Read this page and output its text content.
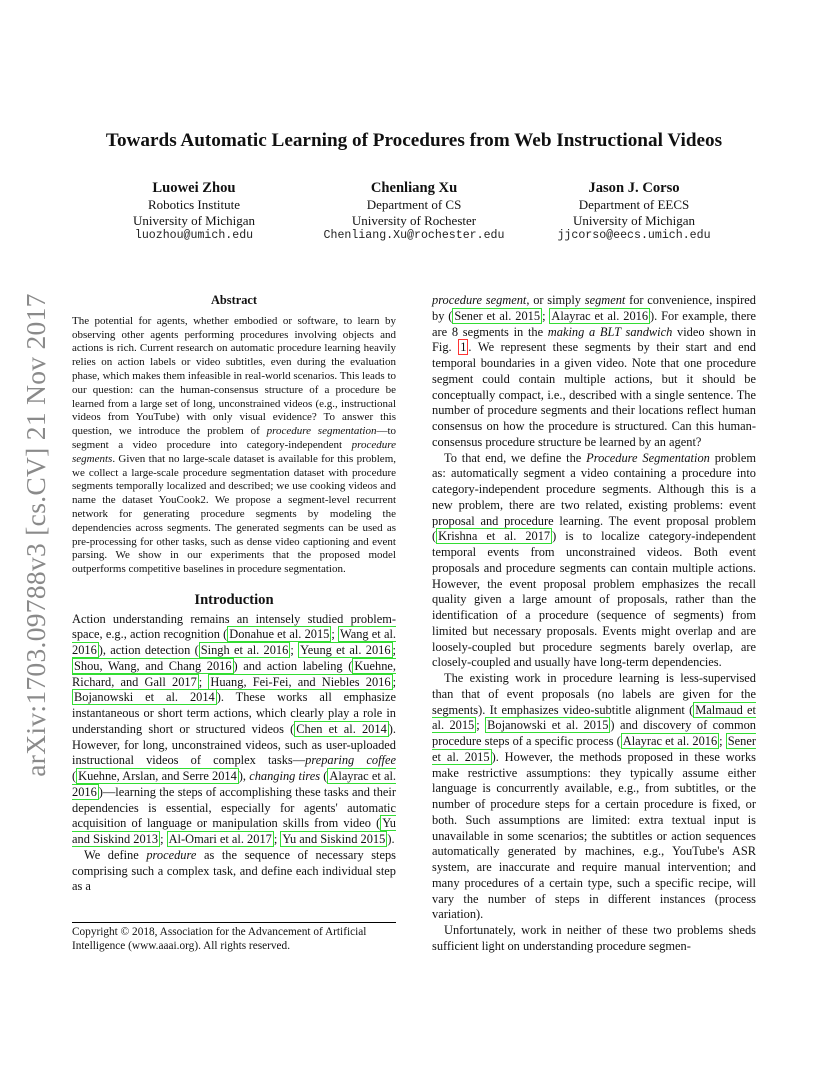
arXiv:1703.09788v3 [cs.CV] 21 Nov 2017
Towards Automatic Learning of Procedures from Web Instructional Videos
Luowei Zhou
Robotics Institute
University of Michigan
luozhou@umich.edu
Chenliang Xu
Department of CS
University of Rochester
Chenliang.Xu@rochester.edu
Jason J. Corso
Department of EECS
University of Michigan
jjcorso@eecs.umich.edu
Abstract

The potential for agents, whether embodied or software, to learn by observing other agents performing procedures involving objects and actions is rich. Current research on automatic procedure learning heavily relies on action labels or video subtitles, even during the evaluation phase, which makes them infeasible in real-world scenarios. This leads to our question: can the human-consensus structure of a procedure be learned from a large set of long, unconstrained videos (e.g., instructional videos from YouTube) with only visual evidence? To answer this question, we introduce the problem of procedure segmentation—to segment a video procedure into category-independent procedure segments. Given that no large-scale dataset is available for this problem, we collect a large-scale procedure segmentation dataset with procedure segments temporally localized and described; we use cooking videos and name the dataset YouCook2. We propose a segment-level recurrent network for generating procedure segments by modeling the dependencies across segments. The generated segments can be used as pre-processing for other tasks, such as dense video captioning and event parsing. We show in our experiments that the proposed model outperforms competitive baselines in procedure segmentation.

Introduction

Action understanding remains an intensely studied problem-space, e.g., action recognition ( Donahue et al. 2015 ; Wang et al. 2016 ), action detection ( Singh et al. 2016 ; Yeung et al. 2016 ; Shou, Wang, and Chang 2016 ) and action labeling ( Kuehne, Richard, and Gall 2017 ; Huang, Fei-Fei, and Niebles 2016 ; Bojanowski et al. 2014 ). These works all emphasize instantaneous or short term actions, which clearly play a role in understanding short or structured videos ( Chen et al. 2014 ). However, for long, unconstrained videos, such as user-uploaded instructional videos of complex tasks—preparing coffee ( Kuehne, Arslan, and Serre 2014 ), changing tires ( Alayrac et al. 2016 )—learning the steps of accomplishing these tasks and their dependencies is essential, especially for agents' automatic acquisition of language or manipulation skills from video ( Yu and Siskind 2013 ; Al-Omari et al. 2017 ; Yu and Siskind 2015 ).

We define procedure as the sequence of necessary steps comprising such a complex task, and define each individual step as a

procedure segment, or simply segment for convenience, inspired by ( Sener et al. 2015 ; Alayrac et al. 2016 ). For example, there are 8 segments in the making a BLT sandwich video shown in Fig. 1 . We represent these segments by their start and end temporal boundaries in a given video. Note that one procedure segment could contain multiple actions, but it should be conceptually compact, i.e., described with a single sentence. The number of procedure segments and their locations reflect human consensus on how the procedure is structured. Can this human-consensus procedure structure be learned by an agent?

To that end, we define the Procedure Segmentation problem as: automatically segment a video containing a procedure into category-independent procedure segments. Although this is a new problem, there are two related, existing problems: event proposal and procedure learning. The event proposal problem ( Krishna et al. 2017 ) is to localize category-independent temporal events from unconstrained videos. Both event proposals and procedure segments can contain multiple actions. However, the event proposal problem emphasizes the recall quality given a large amount of proposals, rather than the identification of a procedure (sequence of segments) from limited but necessary proposals. Events might overlap and are loosely-coupled but procedure segments barely overlap, are closely-coupled and usually have long-term dependencies.

The existing work in procedure learning is less-supervised than that of event proposals (no labels are given for the segments). It emphasizes video-subtitle alignment ( Malmaud et al. 2015 ; Bojanowski et al. 2015 ) and discovery of common procedure steps of a specific process ( Alayrac et al. 2016 ; Sener et al. 2015 ). However, the methods proposed in these works make restrictive assumptions: they typically assume either language is concurrently available, e.g., from subtitles, or the number of procedure steps for a certain procedure is fixed, or both. Such assumptions are limited: extra textual input is unavailable in some scenarios; the subtitles or action sequences automatically generated by machines, e.g., YouTube's ASR system, are inaccurate and require manual intervention; and many procedures of a certain type, such a specific recipe, will vary the number of steps in different instances (process variation).

Unfortunately, work in neither of these two problems sheds sufficient light on understanding procedure segmen-

Copyright © 2018, Association for the Advancement of Artificial Intelligence (www.aaai.org). All rights reserved.
